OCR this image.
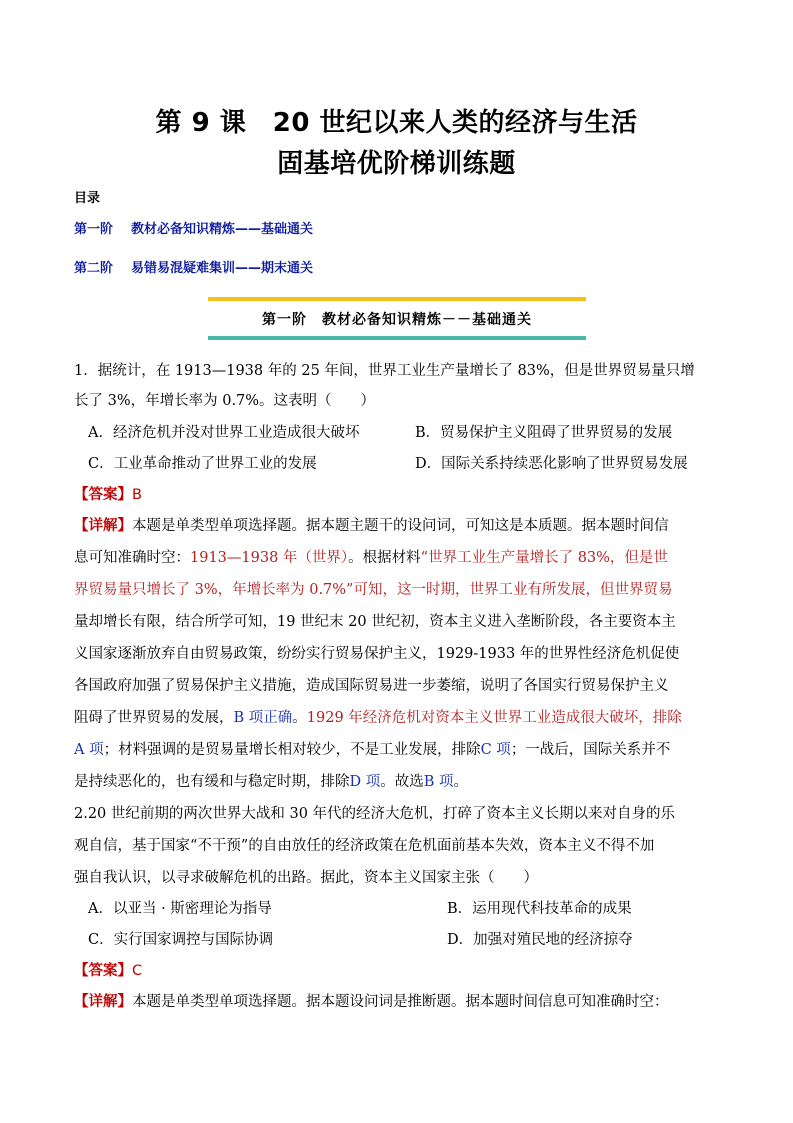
第 9 课　20 世纪以来人类的经济与生活
固基培优阶梯训练题
目录
第一阶 教材必备知识精炼——基础通关
第二阶 易错易混疑难集训——期末通关
第一阶　教材必备知识精炼－－基础通关
1．据统计，在 1913—1938 年的 25 年间，世界工业生产量增长了 83%，但是世界贸易量只增
长了 3%，年增长率为 0.7%。这表明（　　）
A．经济危机并没对世界工业造成很大破坏	B．贸易保护主义阻碍了世界贸易的发展
C．工业革命推动了世界工业的发展	D．国际关系持续恶化影响了世界贸易发展
【答案】B
【详解】本题是单类型单项选择题。据本题主题干的设问词，可知这是本质题。据本题时间信
息可知准确时空：1913—1938 年（世界）。根据材料“世界工业生产量增长了 83%，但是世
界贸易量只增长了 3%，年增长率为 0.7%”可知，这一时期，世界工业有所发展，但世界贸易
量却增长有限，结合所学可知，19 世纪末 20 世纪初，资本主义进入垄断阶段，各主要资本主
义国家逐渐放弃自由贸易政策，纷纷实行贸易保护主义，1929-1933 年的世界性经济危机促使
各国政府加强了贸易保护主义措施，造成国际贸易进一步萎缩，说明了各国实行贸易保护主义
阻碍了世界贸易的发展，B 项正确。1929 年经济危机对资本主义世界工业造成很大破坏，排除
A 项；材料强调的是贸易量增长相对较少，不是工业发展，排除C 项；一战后，国际关系并不
是持续恶化的，也有缓和与稳定时期，排除D 项。故选B 项。
2.20 世纪前期的两次世界大战和 30 年代的经济大危机，打碎了资本主义长期以来对自身的乐
观自信，基于国家“不干预”的自由放任的经济政策在危机面前基本失效，资本主义不得不加
强自我认识，以寻求破解危机的出路。据此，资本主义国家主张（　　）
A．以亚当 · 斯密理论为指导	B．运用现代科技革命的成果
C．实行国家调控与国际协调	D．加强对殖民地的经济掠夺
【答案】C
【详解】本题是单类型单项选择题。据本题设问词是推断题。据本题时间信息可知准确时空：
